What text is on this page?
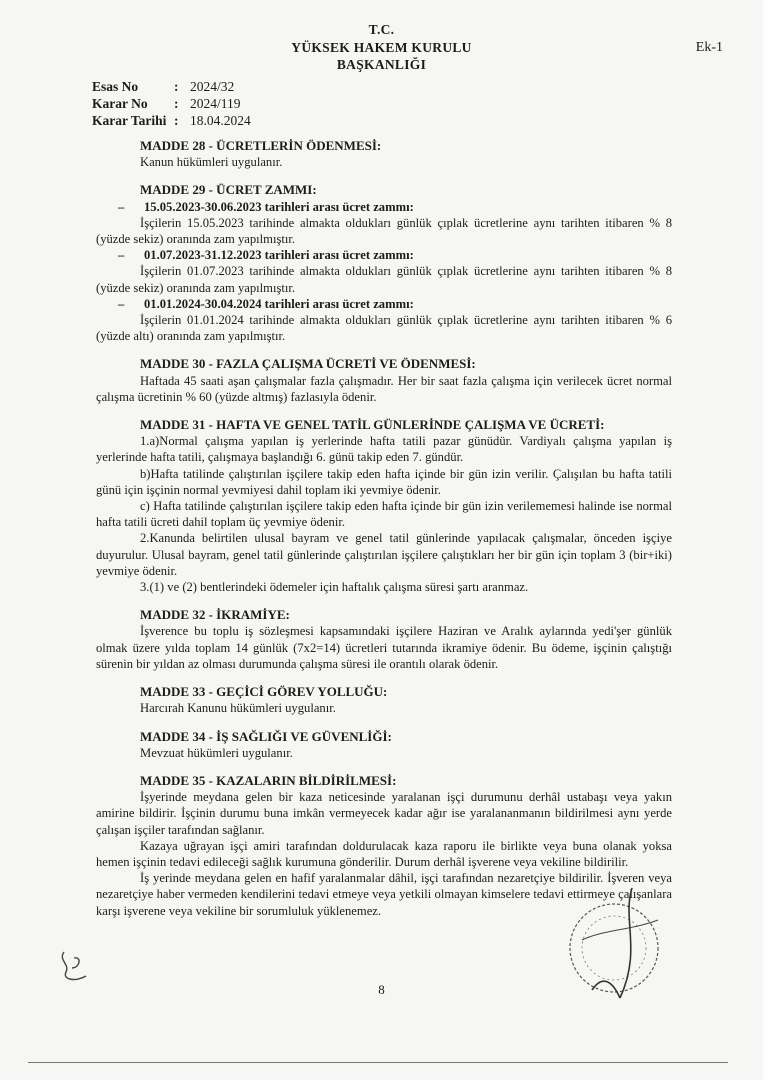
T.C.
YÜKSEK HAKEM KURULU
BAŞKANLIĞI
Ek-1
Esas No	: 2024/32
Karar No	: 2024/119
Karar Tarihi : 18.04.2024
MADDE 28 - ÜCRETLERİN ÖDENMESİ:

Kanun hükümleri uygulanır.

MADDE 29 - ÜCRET ZAMMI:
–	15.05.2023-30.06.2023 tarihleri arası ücret zammı:

İşçilerin 15.05.2023 tarihinde almakta oldukları günlük çıplak ücretlerine aynı tarihten itibaren % 8 (yüzde sekiz) oranında zam yapılmıştır.

–	01.07.2023-31.12.2023 tarihleri arası ücret zammı:

İşçilerin 01.07.2023 tarihinde almakta oldukları günlük çıplak ücretlerine aynı tarihten itibaren % 8 (yüzde sekiz) oranında zam yapılmıştır.

–	01.01.2024-30.04.2024 tarihleri arası ücret zammı:

İşçilerin 01.01.2024 tarihinde almakta oldukları günlük çıplak ücretlerine aynı tarihten itibaren % 6 (yüzde altı) oranında zam yapılmıştır.

MADDE 30 - FAZLA ÇALIŞMA ÜCRETİ VE ÖDENMESİ:

Haftada 45 saati aşan çalışmalar fazla çalışmadır. Her bir saat fazla çalışma için verilecek ücret normal çalışma ücretinin % 60 (yüzde altmış) fazlasıyla ödenir.

MADDE 31 - HAFTA VE GENEL TATİL GÜNLERİNDE ÇALIŞMA VE ÜCRETİ:

1.a)Normal çalışma yapılan iş yerlerinde hafta tatili pazar günüdür. Vardiyalı çalışma yapılan iş yerlerinde hafta tatili, çalışmaya başlandığı 6. günü takip eden 7. gündür.

b)Hafta tatilinde çalıştırılan işçilere takip eden hafta içinde bir gün izin verilir. Çalışılan bu hafta tatili günü için işçinin normal yevmiyesi dahil toplam iki yevmiye ödenir.

c) Hafta tatilinde çalıştırılan işçilere takip eden hafta içinde bir gün izin verilememesi halinde ise normal hafta tatili ücreti dahil toplam üç yevmiye ödenir.

2.Kanunda belirtilen ulusal bayram ve genel tatil günlerinde yapılacak çalışmalar, önceden işçiye duyurulur. Ulusal bayram, genel tatil günlerinde çalıştırılan işçilere çalıştıkları her bir gün için toplam 3 (bir+iki) yevmiye ödenir.

3.(1) ve (2) bentlerindeki ödemeler için haftalık çalışma süresi şartı aranmaz.

MADDE 32 - İKRAMİYE:

İşverence bu toplu iş sözleşmesi kapsamındaki işçilere Haziran ve Aralık aylarında yedi'şer günlük olmak üzere yılda toplam 14 günlük (7x2=14) ücretleri tutarında ikramiye ödenir. Bu ödeme, işçinin çalıştığı sürenin bir yıldan az olması durumunda çalışma süresi ile orantılı olarak ödenir.

MADDE 33 - GEÇİCİ GÖREV YOLLUĞU:

Harcırah Kanunu hükümleri uygulanır.

MADDE 34 - İŞ SAĞLIĞI VE GÜVENLİĞİ:

Mevzuat hükümleri uygulanır.

MADDE 35 - KAZALARIN BİLDİRİLMESİ:

İşyerinde meydana gelen bir kaza neticesinde yaralanan işçi durumunu derhâl ustabaşı veya yakın amirine bildirir. İşçinin durumu buna imkân vermeyecek kadar ağır ise yaralananmanın bildirilmesi aynı yerde çalışan işçiler tarafından sağlanır.

Kazaya uğrayan işçi amiri tarafından doldurulacak kaza raporu ile birlikte veya buna olanak yoksa hemen işçinin tedavi edileceği sağlık kurumuna gönderilir. Durum derhâl işverene veya vekiline bildirilir.

İş yerinde meydana gelen en hafif yaralanmalar dâhil, işçi tarafından nezaretçiye bildirilir. İşveren veya nezaretçiye haber vermeden kendilerini tedavi etmeye veya yetkili olmayan kimselere tedavi ettirmeye çalışanlara karşı işverene veya vekiline bir sorumluluk yüklenemez.

8
